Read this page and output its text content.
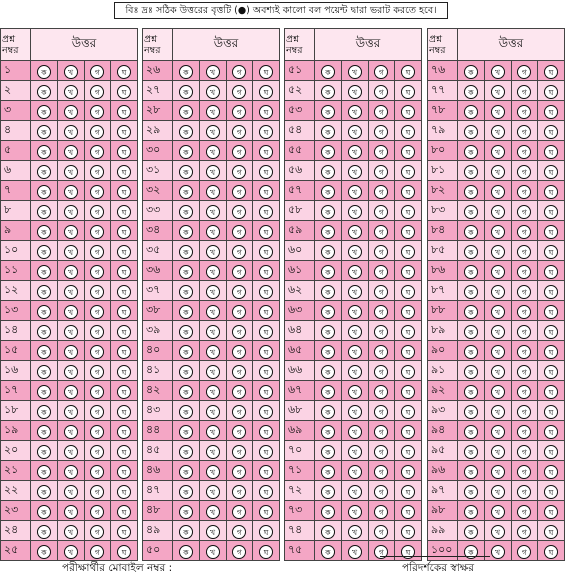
বিঃ দ্রঃ সঠিক উত্তরের বৃত্তটি (●) অবশ্যই কালো বল পয়েন্ট দ্বারা ভরাট করতে হবে।
প্রশ্ন নম্বর	উত্তর			
১	ক	খ	গ	ঘ
২	ক	খ	গ	ঘ
৩	ক	খ	গ	ঘ
৪	ক	খ	গ	ঘ
৫	ক	খ	গ	ঘ
৬	ক	খ	গ	ঘ
৭	ক	খ	গ	ঘ
৮	ক	খ	গ	ঘ
৯	ক	খ	গ	ঘ
১০	ক	খ	গ	ঘ
১১	ক	খ	গ	ঘ
১২	ক	খ	গ	ঘ
১৩	ক	খ	গ	ঘ
১৪	ক	খ	গ	ঘ
১৫	ক	খ	গ	ঘ
১৬	ক	খ	গ	ঘ
১৭	ক	খ	গ	ঘ
১৮	ক	খ	গ	ঘ
১৯	ক	খ	গ	ঘ
২০	ক	খ	গ	ঘ
২১	ক	খ	গ	ঘ
২২	ক	খ	গ	ঘ
২৩	ক	খ	গ	ঘ
২৪	ক	খ	গ	ঘ
২৫	ক	খ	গ	ঘ
প্রশ্ন নম্বর	উত্তর			
২৬	ক	খ	গ	ঘ
২৭	ক	খ	গ	ঘ
২৮	ক	খ	গ	ঘ
২৯	ক	খ	গ	ঘ
৩০	ক	খ	গ	ঘ
৩১	ক	খ	গ	ঘ
৩২	ক	খ	গ	ঘ
৩৩	ক	খ	গ	ঘ
৩৪	ক	খ	গ	ঘ
৩৫	ক	খ	গ	ঘ
৩৬	ক	খ	গ	ঘ
৩৭	ক	খ	গ	ঘ
৩৮	ক	খ	গ	ঘ
৩৯	ক	খ	গ	ঘ
৪০	ক	খ	গ	ঘ
৪১	ক	খ	গ	ঘ
৪২	ক	খ	গ	ঘ
৪৩	ক	খ	গ	ঘ
৪৪	ক	খ	গ	ঘ
৪৫	ক	খ	গ	ঘ
৪৬	ক	খ	গ	ঘ
৪৭	ক	খ	গ	ঘ
৪৮	ক	খ	গ	ঘ
৪৯	ক	খ	গ	ঘ
৫০	ক	খ	গ	ঘ
প্রশ্ন নম্বর	উত্তর			
৫১	ক	খ	গ	ঘ
৫২	ক	খ	গ	ঘ
৫৩	ক	খ	গ	ঘ
৫৪	ক	খ	গ	ঘ
৫৫	ক	খ	গ	ঘ
৫৬	ক	খ	গ	ঘ
৫৭	ক	খ	গ	ঘ
৫৮	ক	খ	গ	ঘ
৫৯	ক	খ	গ	ঘ
৬০	ক	খ	গ	ঘ
৬১	ক	খ	গ	ঘ
৬২	ক	খ	গ	ঘ
৬৩	ক	খ	গ	ঘ
৬৪	ক	খ	গ	ঘ
৬৫	ক	খ	গ	ঘ
৬৬	ক	খ	গ	ঘ
৬৭	ক	খ	গ	ঘ
৬৮	ক	খ	গ	ঘ
৬৯	ক	খ	গ	ঘ
৭০	ক	খ	গ	ঘ
৭১	ক	খ	গ	ঘ
৭২	ক	খ	গ	ঘ
৭৩	ক	খ	গ	ঘ
৭৪	ক	খ	গ	ঘ
৭৫	ক	খ	গ	ঘ
প্রশ্ন নম্বর	উত্তর			
৭৬	ক	খ	গ	ঘ
৭৭	ক	খ	গ	ঘ
৭৮	ক	খ	গ	ঘ
৭৯	ক	খ	গ	ঘ
৮০	ক	খ	গ	ঘ
৮১	ক	খ	গ	ঘ
৮২	ক	খ	গ	ঘ
৮৩	ক	খ	গ	ঘ
৮৪	ক	খ	গ	ঘ
৮৫	ক	খ	গ	ঘ
৮৬	ক	খ	গ	ঘ
৮৭	ক	খ	গ	ঘ
৮৮	ক	খ	গ	ঘ
৮৯	ক	খ	গ	ঘ
৯০	ক	খ	গ	ঘ
৯১	ক	খ	গ	ঘ
৯২	ক	খ	গ	ঘ
৯৩	ক	খ	গ	ঘ
৯৪	ক	খ	গ	ঘ
৯৫	ক	খ	গ	ঘ
৯৬	ক	খ	গ	ঘ
৯৭	ক	খ	গ	ঘ
৯৮	ক	খ	গ	ঘ
৯৯	ক	খ	গ	ঘ
১০০	ক	খ	গ	ঘ
পরীক্ষার্থীর মোবাইল নম্বর :	পরিদর্শকের স্বাক্ষর
